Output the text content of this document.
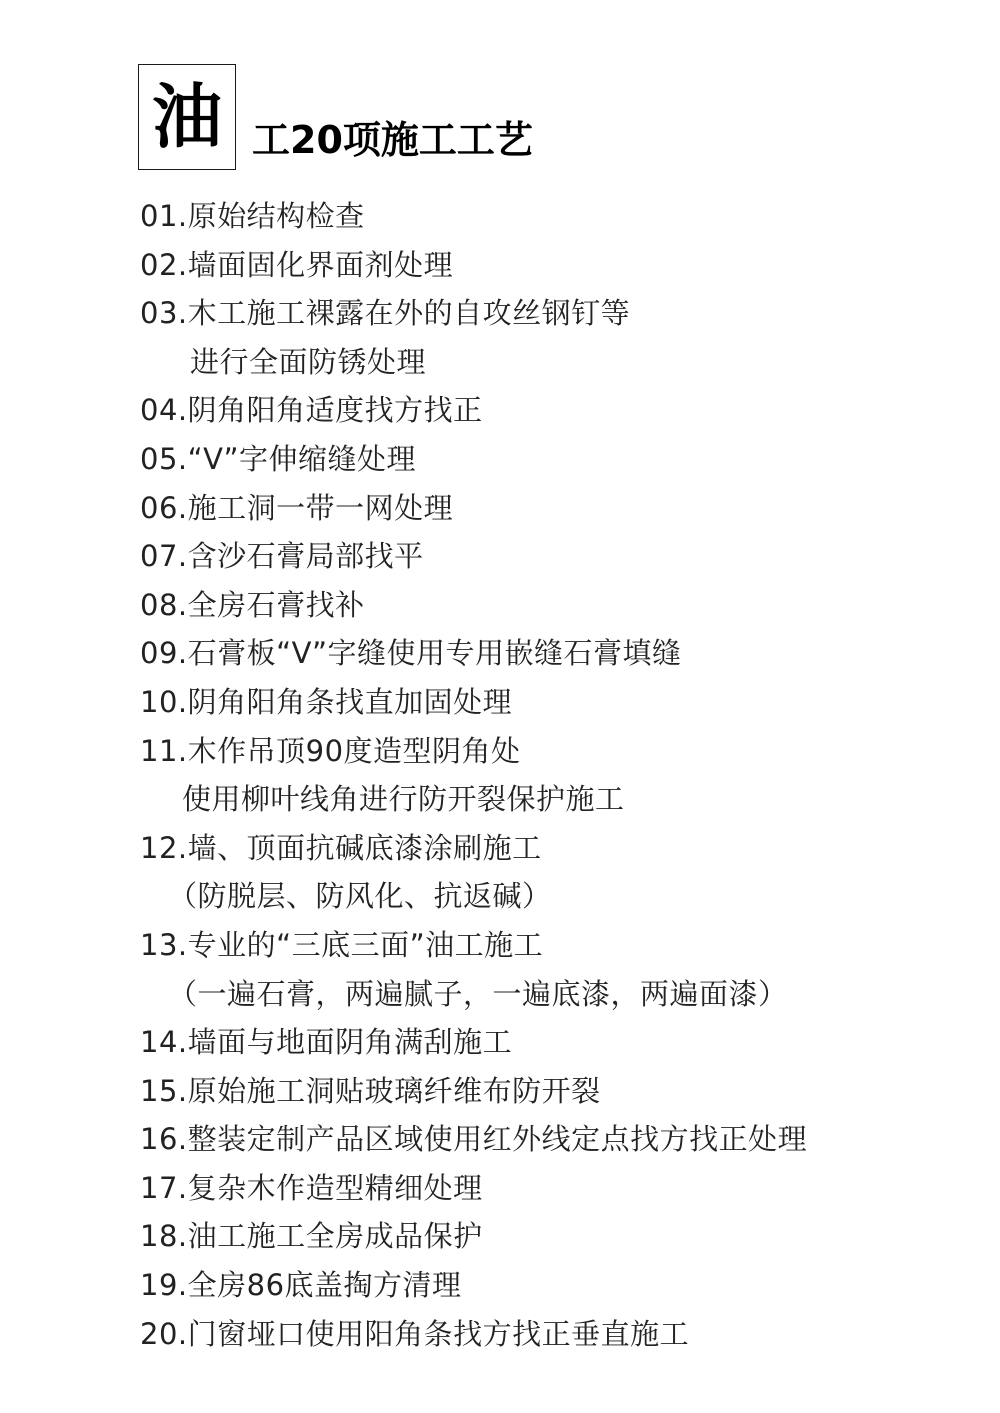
油 工20项施工工艺
01.原始结构检查
02.墙面固化界面剂处理
03.木工施工裸露在外的自攻丝钢钉等
进行全面防锈处理
04.阴角阳角适度找方找正
05.“V”字伸缩缝处理
06.施工洞一带一网处理
07.含沙石膏局部找平
08.全房石膏找补
09.石膏板“V”字缝使用专用嵌缝石膏填缝
10.阴角阳角条找直加固处理
11.木作吊顶90度造型阴角处
使用柳叶线角进行防开裂保护施工
12.墙、顶面抗碱底漆涂刷施工
（防脱层、防风化、抗返碱）
13.专业的“三底三面”油工施工
（一遍石膏，两遍腻子，一遍底漆，两遍面漆）
14.墙面与地面阴角满刮施工
15.原始施工洞贴玻璃纤维布防开裂
16.整装定制产品区域使用红外线定点找方找正处理
17.复杂木作造型精细处理
18.油工施工全房成品保护
19.全房86底盖掏方清理
20.门窗垭口使用阳角条找方找正垂直施工
